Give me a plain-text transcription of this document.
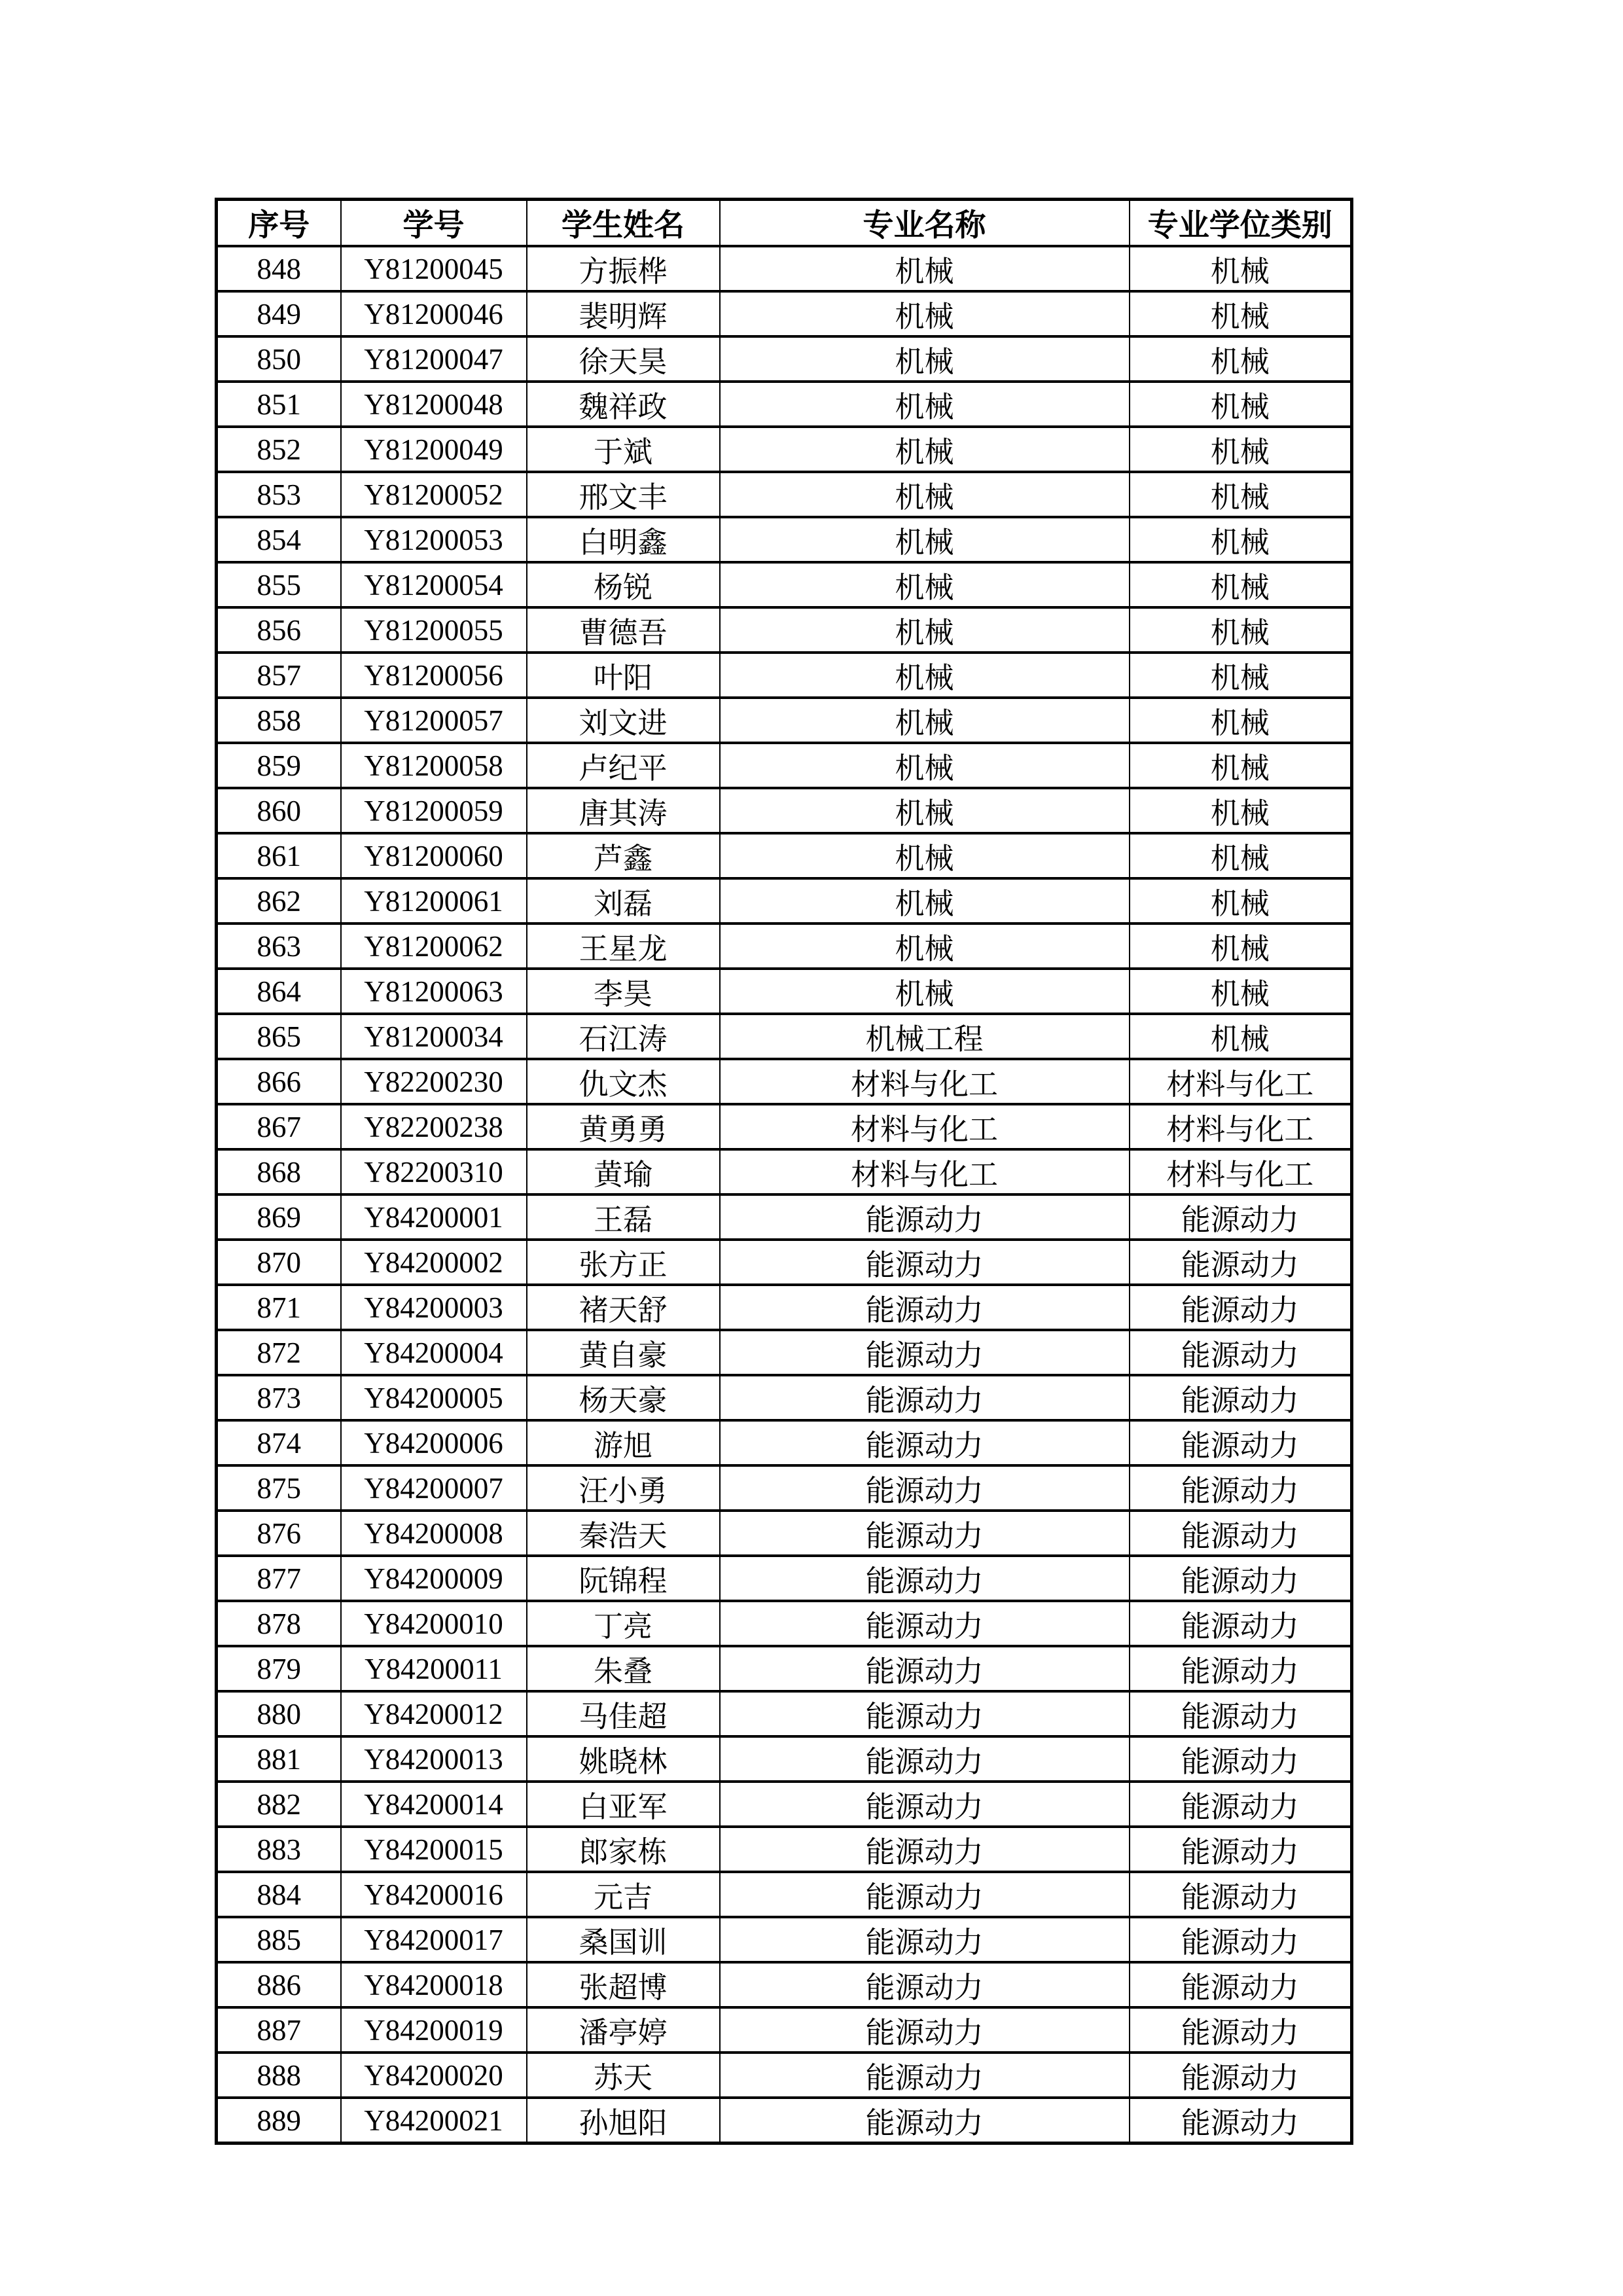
序号	学号	学生姓名	专业名称	专业学位类别
848	Y81200045	方振桦	机械	机械
849	Y81200046	裴明辉	机械	机械
850	Y81200047	徐天昊	机械	机械
851	Y81200048	魏祥政	机械	机械
852	Y81200049	于斌	机械	机械
853	Y81200052	邢文丰	机械	机械
854	Y81200053	白明鑫	机械	机械
855	Y81200054	杨锐	机械	机械
856	Y81200055	曹德吾	机械	机械
857	Y81200056	叶阳	机械	机械
858	Y81200057	刘文进	机械	机械
859	Y81200058	卢纪平	机械	机械
860	Y81200059	唐其涛	机械	机械
861	Y81200060	芦鑫	机械	机械
862	Y81200061	刘磊	机械	机械
863	Y81200062	王星龙	机械	机械
864	Y81200063	李昊	机械	机械
865	Y81200034	石江涛	机械工程	机械
866	Y82200230	仇文杰	材料与化工	材料与化工
867	Y82200238	黄勇勇	材料与化工	材料与化工
868	Y82200310	黄瑜	材料与化工	材料与化工
869	Y84200001	王磊	能源动力	能源动力
870	Y84200002	张方正	能源动力	能源动力
871	Y84200003	褚天舒	能源动力	能源动力
872	Y84200004	黄自豪	能源动力	能源动力
873	Y84200005	杨天豪	能源动力	能源动力
874	Y84200006	游旭	能源动力	能源动力
875	Y84200007	汪小勇	能源动力	能源动力
876	Y84200008	秦浩天	能源动力	能源动力
877	Y84200009	阮锦程	能源动力	能源动力
878	Y84200010	丁亮	能源动力	能源动力
879	Y84200011	朱叠	能源动力	能源动力
880	Y84200012	马佳超	能源动力	能源动力
881	Y84200013	姚晓林	能源动力	能源动力
882	Y84200014	白亚军	能源动力	能源动力
883	Y84200015	郎家栋	能源动力	能源动力
884	Y84200016	元吉	能源动力	能源动力
885	Y84200017	桑国训	能源动力	能源动力
886	Y84200018	张超博	能源动力	能源动力
887	Y84200019	潘亭婷	能源动力	能源动力
888	Y84200020	苏天	能源动力	能源动力
889	Y84200021	孙旭阳	能源动力	能源动力
